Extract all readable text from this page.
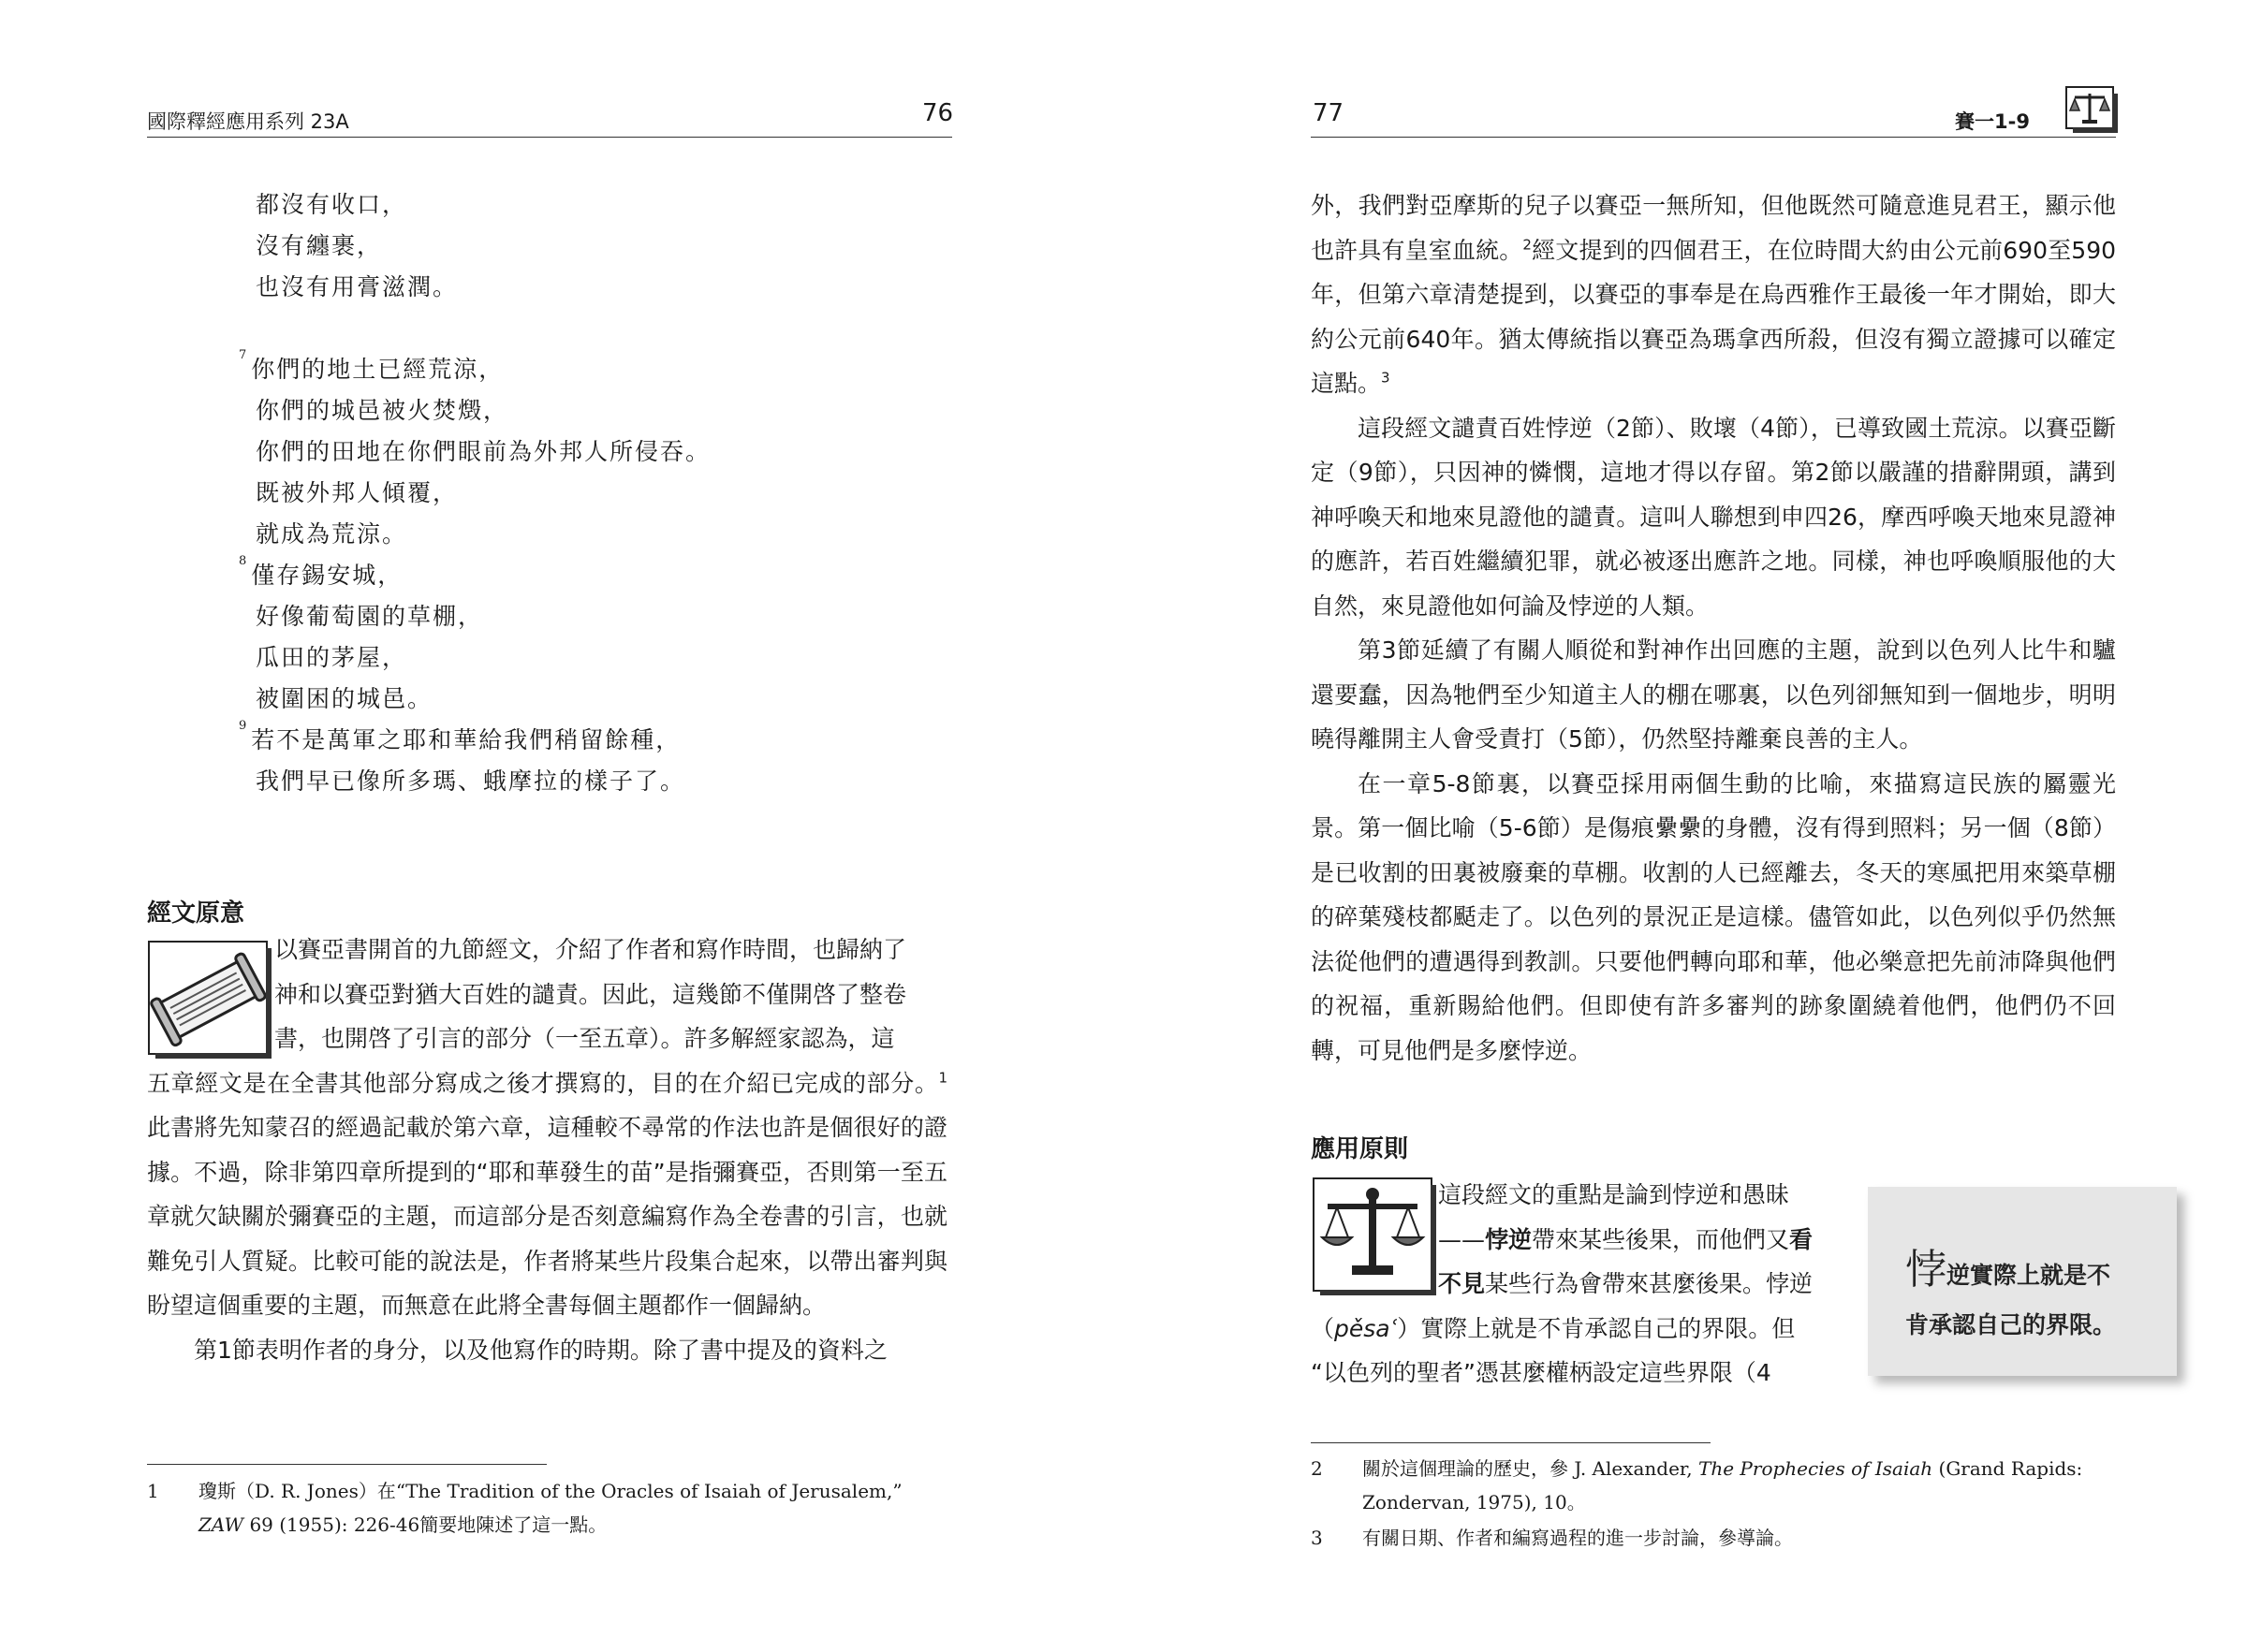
國際釋經應用系列 23A	76
都沒有收口，
沒有纏裹，
也沒有用膏滋潤。
$^7$你們的地土已經荒涼，
你們的城邑被火焚燬，
你們的田地在你們眼前為外邦人所侵吞。
既被外邦人傾覆，
就成為荒涼。
$^8$僅存錫安城，
好像葡萄園的草棚，
瓜田的茅屋，
被圍困的城邑。
$^9$若不是萬軍之耶和華給我們稍留餘種，
我們早已像所多瑪、蛾摩拉的樣子了。
經文原意
以賽亞書開首的九節經文，介紹了作者和寫作時間，也歸納了
神和以賽亞對猶大百姓的譴責。因此，這幾節不僅開啓了整卷
書，也開啓了引言的部分（一至五章）。許多解經家認為，這

五章經文是在全書其他部分寫成之後才撰寫的，目的在介紹已完成的部分。$^1$此書將先知蒙召的經過記載於第六章，這種較不尋常的作法也許是個很好的證據。不過，除非第四章所提到的“耶和華發生的苗”是指彌賽亞，否則第一至五章就欠缺關於彌賽亞的主題，而這部分是否刻意編寫作為全卷書的引言，也就難免引人質疑。比較可能的說法是，作者將某些片段集合起來，以帶出審判與盼望這個重要的主題，而無意在此將全書每個主題都作一個歸納。

第1節表明作者的身分，以及他寫作的時期。除了書中提及的資料之

1 瓊斯（D. R. Jones）在“The Tradition of the Oracles of Isaiah of Jerusalem,” ZAW 69 (1955): 226-46簡要地陳述了這一點。
77	賽一1-9

外，我們對亞摩斯的兒子以賽亞一無所知，但他既然可隨意進見君王，顯示他也許具有皇室血統。$^2$經文提到的四個君王，在位時間大約由公元前690至590年，但第六章清楚提到，以賽亞的事奉是在烏西雅作王最後一年才開始，即大約公元前640年。猶太傳統指以賽亞為瑪拿西所殺，但沒有獨立證據可以確定這點。$^3$

這段經文譴責百姓悖逆（2節）、敗壞（4節），已導致國土荒涼。以賽亞斷定（9節），只因神的憐憫，這地才得以存留。第2節以嚴謹的措辭開頭，講到神呼喚天和地來見證他的譴責。這叫人聯想到申四26，摩西呼喚天地來見證神的應許，若百姓繼續犯罪，就必被逐出應許之地。同樣，神也呼喚順服他的大自然，來見證他如何論及悖逆的人類。

第3節延續了有關人順從和對神作出回應的主題，說到以色列人比牛和驢還要蠢，因為牠們至少知道主人的棚在哪裏，以色列卻無知到一個地步，明明曉得離開主人會受責打（5節），仍然堅持離棄良善的主人。

在一章5-8節裏，以賽亞採用兩個生動的比喻，來描寫這民族的屬靈光景。第一個比喻（5-6節）是傷痕纍纍的身體，沒有得到照料；另一個（8節）是已收割的田裏被廢棄的草棚。收割的人已經離去，冬天的寒風把用來築草棚的碎葉殘枝都颳走了。以色列的景況正是這樣。儘管如此，以色列似乎仍然無法從他們的遭遇得到教訓。只要他們轉向耶和華，他必樂意把先前沛降與他們的祝福，重新賜給他們。但即使有許多審判的跡象圍繞着他們，他們仍不回轉，可見他們是多麼悖逆。

應用原則
這段經文的重點是論到悖逆和愚昧
——悖逆帶來某些後果，而他們又看
不見某些行為會帶來甚麼後果。悖逆
（pěsaʿ）實際上就是不肯承認自己的界限。但
“以色列的聖者”憑甚麼權柄設定這些界限（4
悖逆實際上就是不
肯承認自己的界限。
2 關於這個理論的歷史，參 J. Alexander, The Prophecies of Isaiah (Grand Rapids: Zondervan, 1975), 10。
3 有關日期、作者和編寫過程的進一步討論，參導論。
